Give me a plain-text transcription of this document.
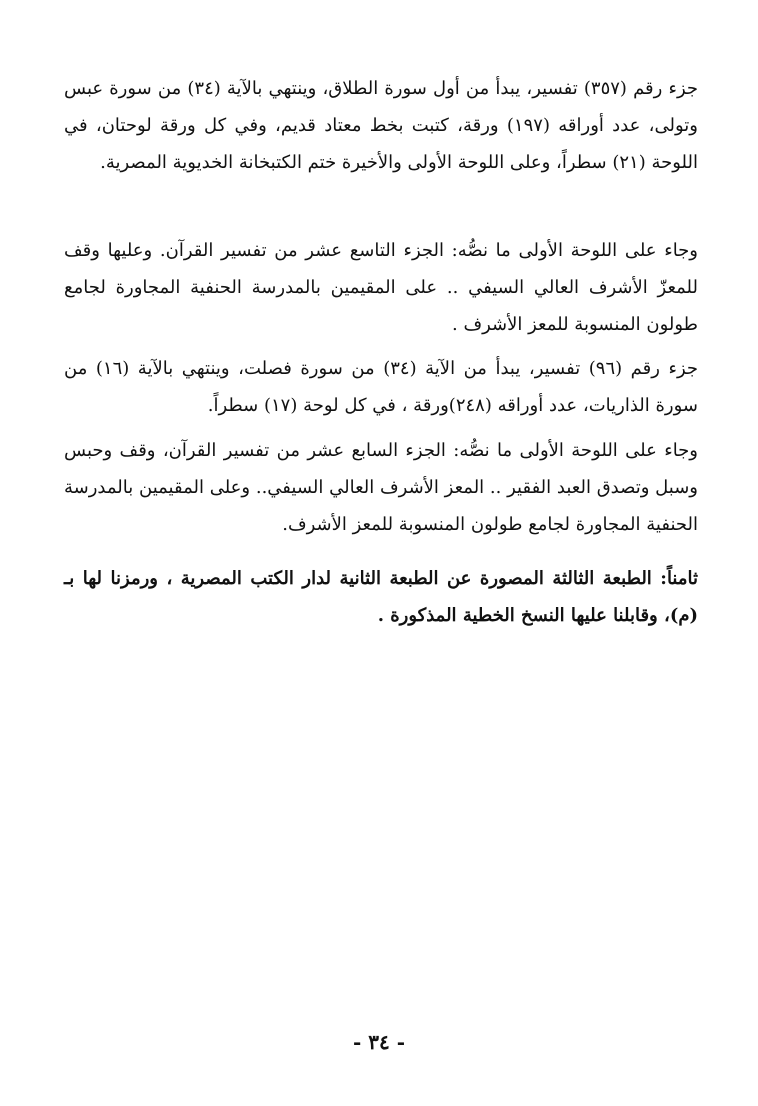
جزء رقم (٣٥٧) تفسير، يبدأ من أول سورة الطلاق، وينتهي بالآية (٣٤) من سورة عبس وتولى، عدد أوراقه (١٩٧) ورقة، كتبت بخط معتاد قديم، وفي كل ورقة لوحتان، في اللوحة (٢١) سطراً، وعلى اللوحة الأولى والأخيرة ختم الكتبخانة الخديوية المصرية.

وجاء على اللوحة الأولى ما نصُّه: الجزء التاسع عشر من تفسير القرآن. وعليها وقف للمعزّ الأشرف العالي السيفي .. على المقيمين بالمدرسة الحنفية المجاورة لجامع طولون المنسوبة للمعز الأشرف .

جزء رقم (٩٦) تفسير، يبدأ من الآية (٣٤) من سورة فصلت، وينتهي بالآية (١٦) من سورة الذاريات، عدد أوراقه (٢٤٨)ورقة ، في كل لوحة (١٧) سطراً.

وجاء على اللوحة الأولى ما نصُّه: الجزء السابع عشر من تفسير القرآن، وقف وحبس وسبل وتصدق العبد الفقير .. المعز الأشرف العالي السيفي.. وعلى المقيمين بالمدرسة الحنفية المجاورة لجامع طولون المنسوبة للمعز الأشرف.

ثامناً: الطبعة الثالثة المصورة عن الطبعة الثانية لدار الكتب المصرية ، ورمزنا لها بـ (م)، وقابلنا عليها النسخ الخطية المذكورة .

- ٣٤ -
